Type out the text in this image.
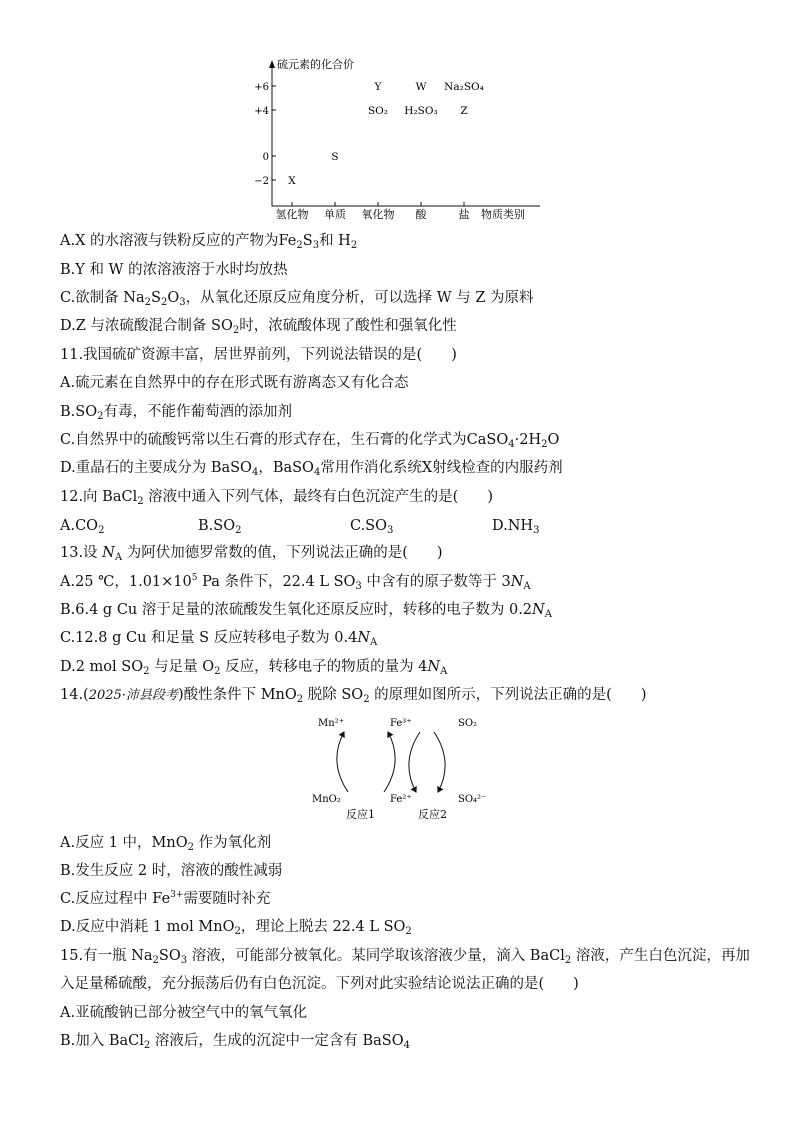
硫元素的化合价
+6
+4
0
−2
氢化物 单质 氧化物 酸	盐
X
S
Y	W Na₂SO₄
SO₂ H₂SO₃ Z
物质类别
A.X 的水溶液与铁粉反应的产物为$Fe_2S_3$和 $H_2$
B.Y 和 W 的浓溶液溶于水时均放热
C.欲制备 $Na_2S_2O_3$，从氧化还原反应角度分析，可以选择 W 与 Z 为原料
D.Z 与浓硫酸混合制备 $SO_2$时，浓硫酸体现了酸性和强氧化性
11.我国硫矿资源丰富，居世界前列，下列说法错误的是(　　)
A.硫元素在自然界中的存在形式既有游离态又有化合态
$B.SO_2$有毒，不能作葡萄酒的添加剂
C.自然界中的硫酸钙常以生石膏的形式存在，生石膏的化学式为$CaSO_4\cdot 2H_2O$
D.重晶石的主要成分为 BaSO$_4$，BaSO$_4$常用作消化系统X射线检查的内服药剂
12.向 BaCl$_2$ 溶液中通入下列气体，最终有白色沉淀产生的是(　　)
$A.CO_2$	$B.SO_2$	$C.SO_3$	$D.NH_3$
13.设 $N_A$ 为阿伏加德罗常数的值，下列说法正确的是(　　)
A.25 ℃，$1.01\times 10^5$ Pa 条件下，22.4 L $SO_3$ 中含有的原子数等于 $3N_A$
B.6.4 g Cu 溶于足量的浓硫酸发生氧化还原反应时，转移的电子数为 $0.2N_A$
C.12.8 g Cu 和足量 S 反应转移电子数为 $0.4N_A$
D.2 mol $SO_2$ 与足量 $O_2$ 反应，转移电子的物质的量为 $4N_A$
14.(2025·沛县段考)酸性条件下 MnO$_2$ 脱除 $SO_2$ 的原理如图所示，下列说法正确的是(　　)
Mn²⁺	Fe³⁺	SO₂
MnO₂	Fe²⁺	SO₄²⁻
反应1	反应2
A.反应 1 中，MnO$_2$ 作为氧化剂
B.发生反应 2 时，溶液的酸性减弱
C.反应过程中 $Fe^{3+}$需要随时补充
D.反应中消耗 1 mol MnO$_2$，理论上脱去 22.4 L $SO_2$
15.有一瓶 $Na_2SO_3$ 溶液，可能部分被氧化。某同学取该溶液少量，滴入 BaCl$_2$ 溶液，产生白色沉淀，再加
入足量稀硫酸，充分振荡后仍有白色沉淀。下列对此实验结论说法正确的是(　　)
A.亚硫酸钠已部分被空气中的氧气氧化
B.加入 BaCl$_2$ 溶液后，生成的沉淀中一定含有 BaSO$_4$
